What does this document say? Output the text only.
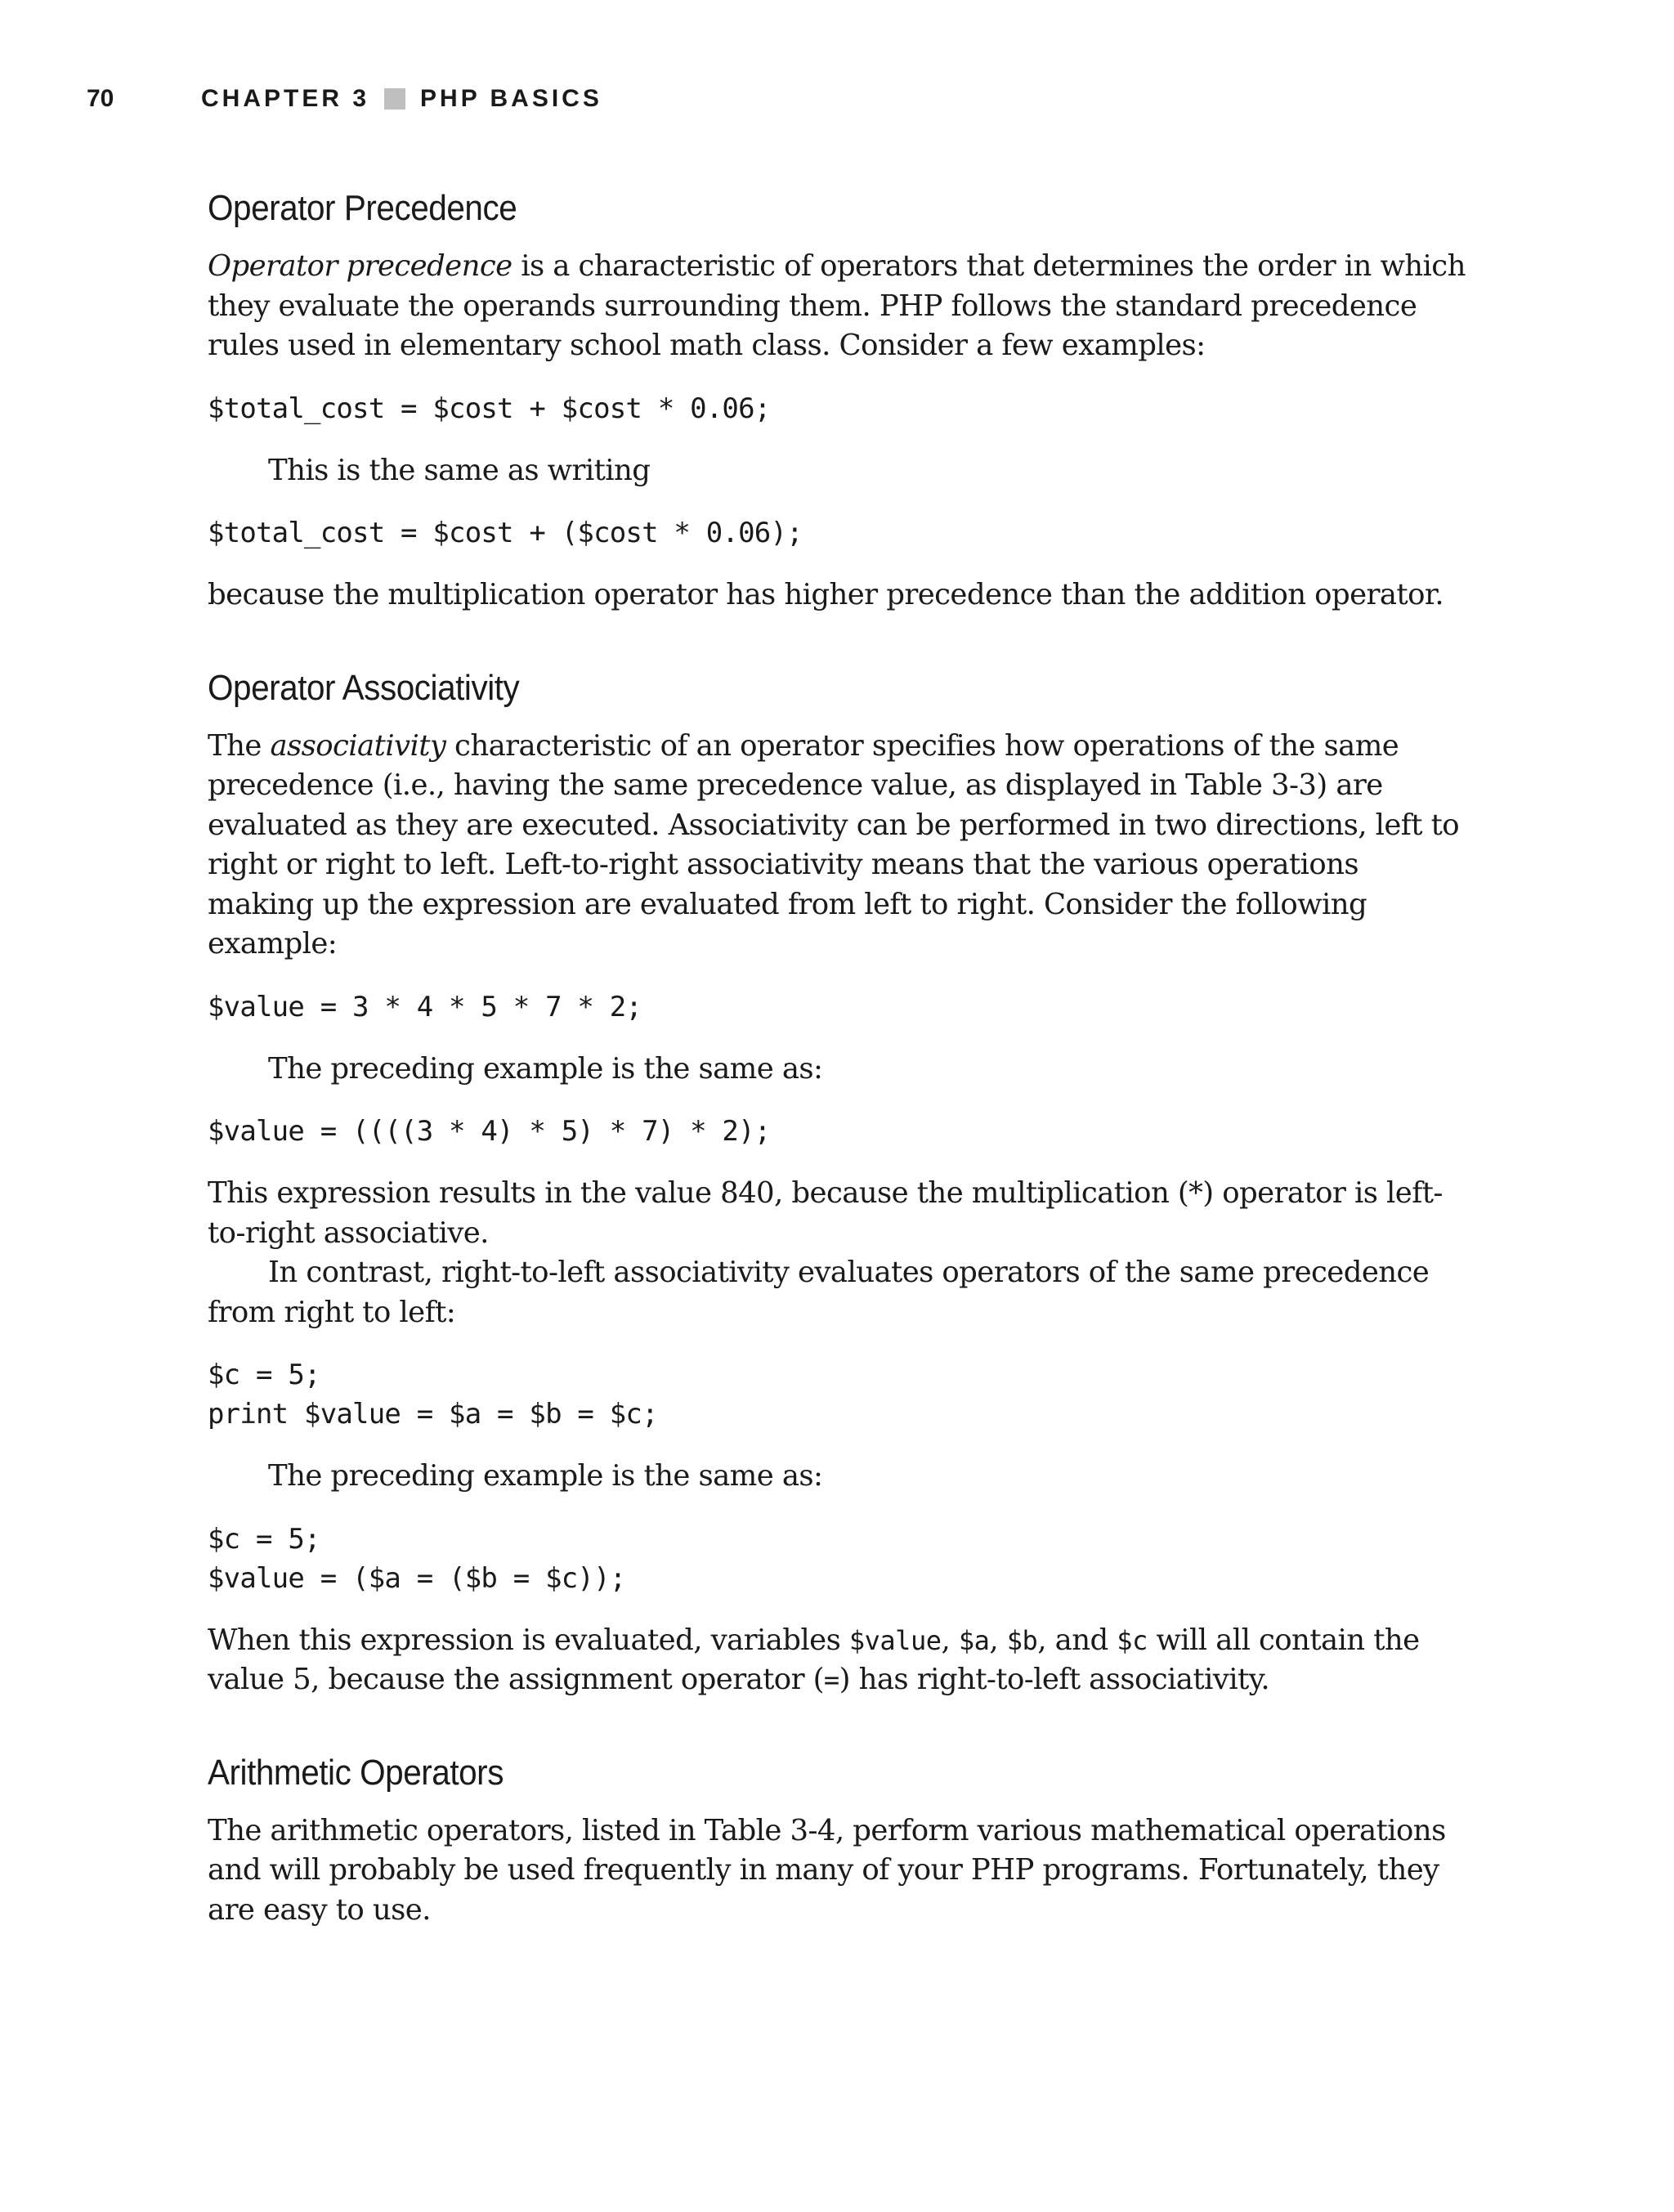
70	CHAPTER 3 PHP BASICS
Operator Precedence

Operator precedence is a characteristic of operators that determines the order in which they evaluate the operands surrounding them. PHP follows the standard precedence rules used in elementary school math class. Consider a few examples:

$total_cost = $cost + $cost * 0.06;

This is the same as writing

$total_cost = $cost + ($cost * 0.06);

because the multiplication operator has higher precedence than the addition operator.

Operator Associativity

The associativity characteristic of an operator specifies how operations of the same precedence (i.e., having the same precedence value, as displayed in Table 3-3) are evaluated as they are executed. Associativity can be performed in two directions, left to right or right to left. Left-to-right associativity means that the various operations making up the expression are evaluated from left to right. Consider the following example:

$value = 3 * 4 * 5 * 7 * 2;

The preceding example is the same as:

$value = ((((3 * 4) * 5) * 7) * 2);

This expression results in the value 840, because the multiplication (*) operator is left-to-right associative.

In contrast, right-to-left associativity evaluates operators of the same precedence from right to left:

$c = 5;
print $value = $a = $b = $c;

The preceding example is the same as:

$c = 5;
$value = ($a = ($b = $c));

When this expression is evaluated, variables $value, $a, $b, and $c will all contain the value 5, because the assignment operator (=) has right-to-left associativity.

Arithmetic Operators

The arithmetic operators, listed in Table 3-4, perform various mathematical operations and will probably be used frequently in many of your PHP programs. Fortunately, they are easy to use.
